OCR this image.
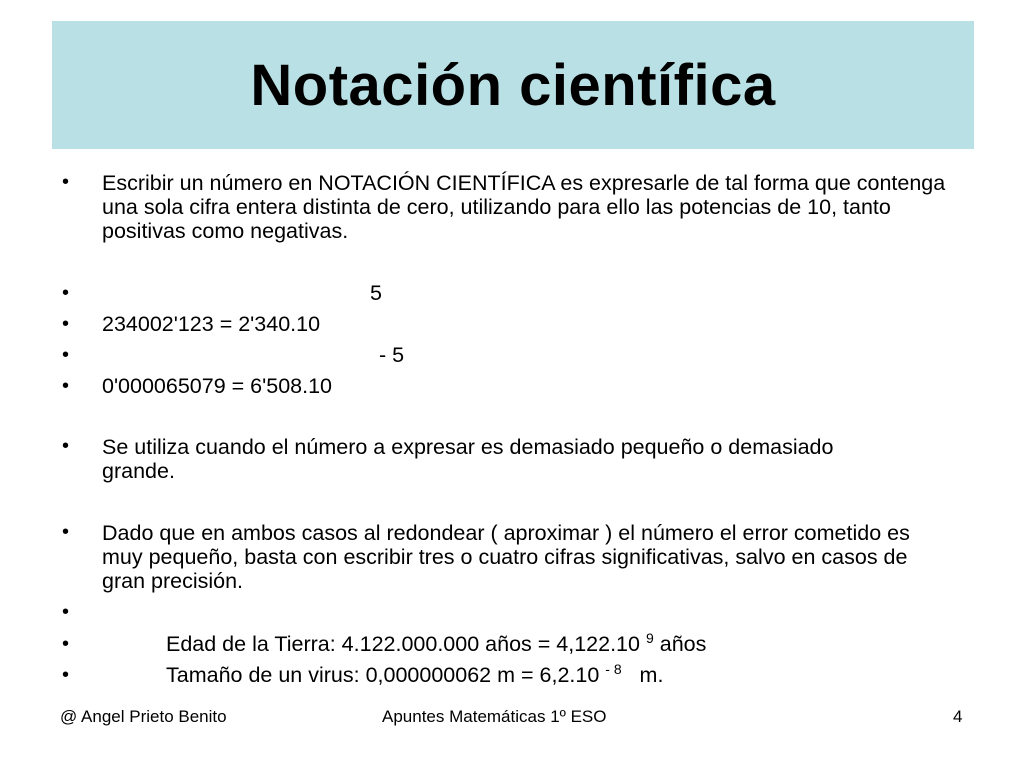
Notación científica
• Escribir un número en NOTACIÓN CIENTÍFICA es expresarle de tal forma que contenga una sola cifra entera distinta de cero, utilizando para ello las potencias de 10, tanto positivas como negativas.
•	5
• 234002'123 = 2'340.10
•	- 5
• 0'000065079 = 6'508.10
• Se utiliza cuando el número a expresar es demasiado pequeño o demasiado grande.
• Dado que en ambos casos al redondear ( aproximar ) el número el error cometido es muy pequeño, basta con escribir tres o cuatro cifras significativas, salvo en casos de gran precisión.
•
•	Edad de la Tierra: 4.122.000.000 años = 4,122.10 $^9$ años
•	Tamaño de un virus: 0,000000062 m = 6,2.10 $^{- 8}$ m.
@ Angel Prieto Benito	Apuntes Matemáticas 1º ESO	4
